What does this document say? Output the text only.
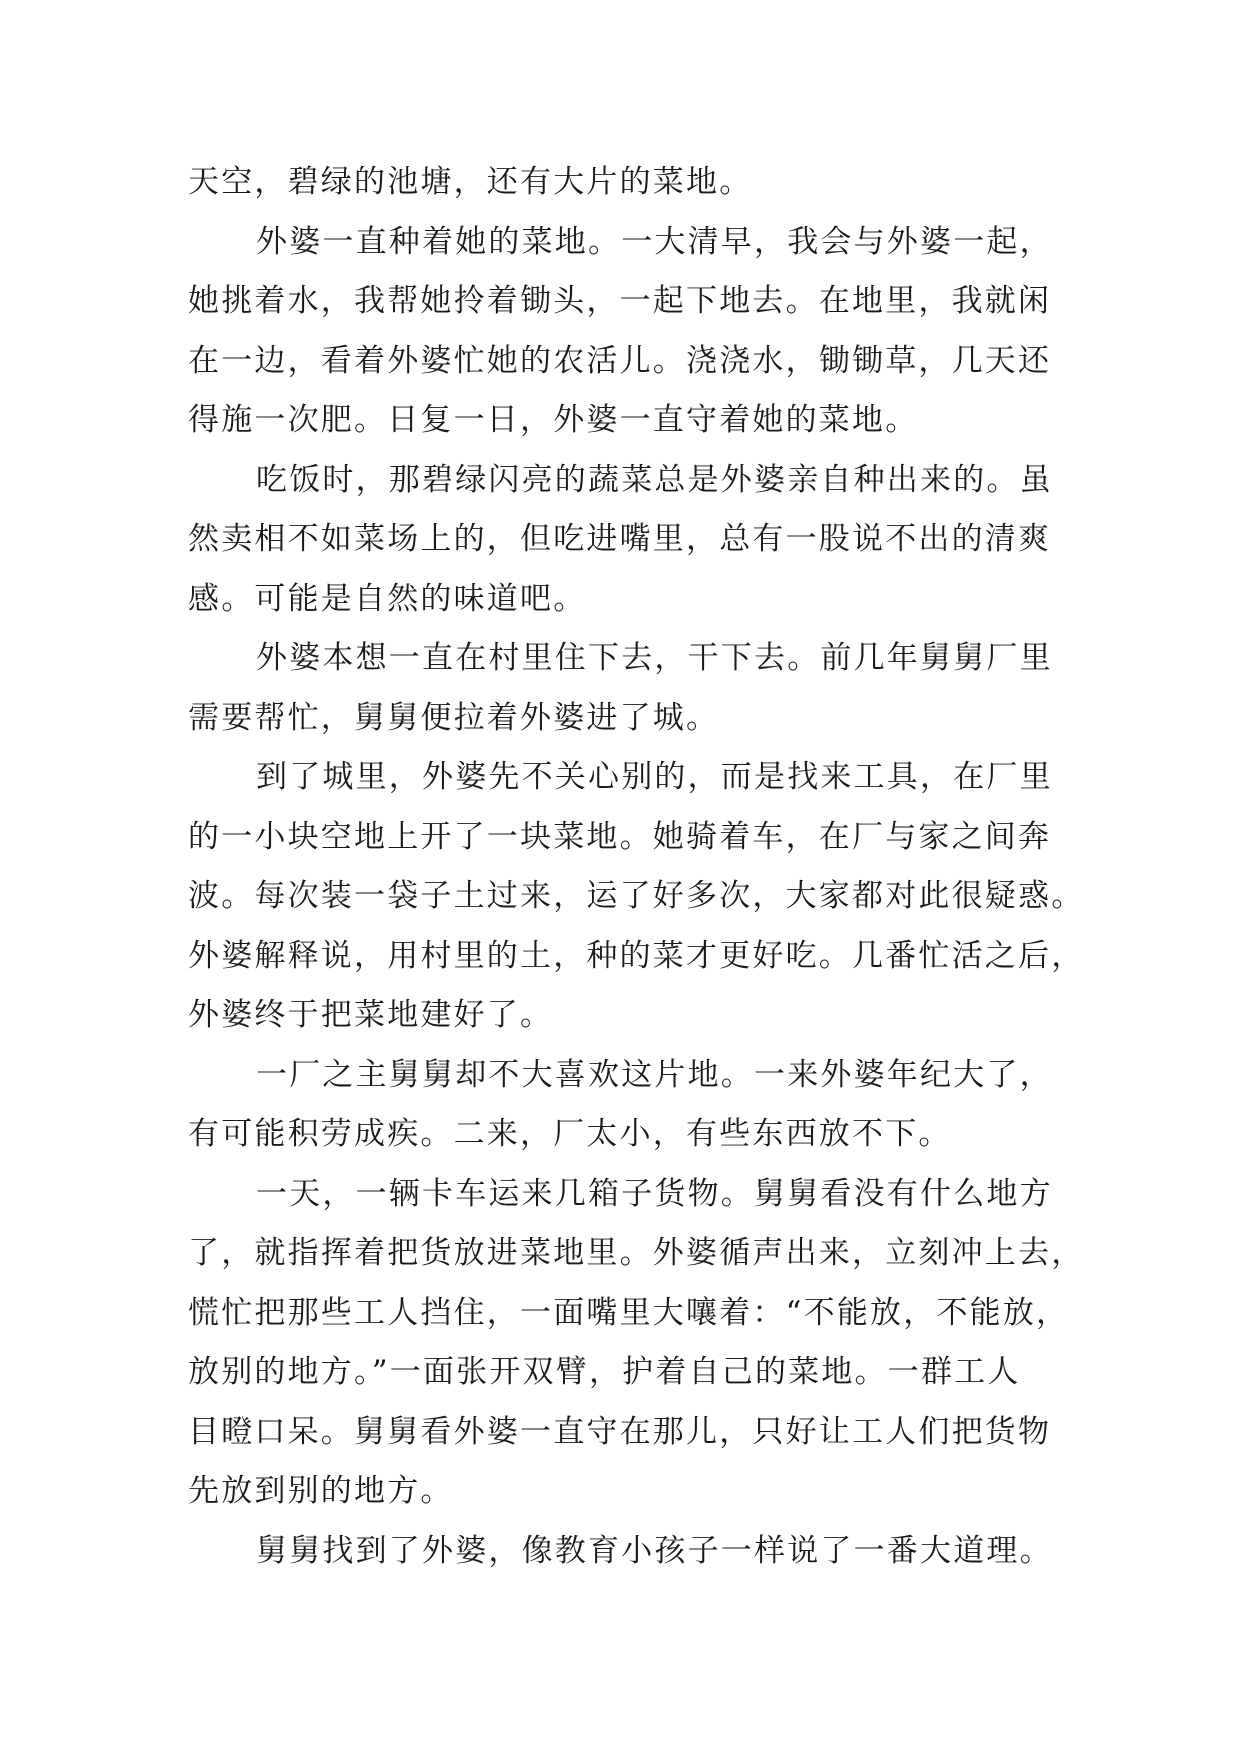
天空，碧绿的池塘，还有大片的菜地。
外婆一直种着她的菜地。一大清早，我会与外婆一起，
她挑着水，我帮她拎着锄头，一起下地去。在地里，我就闲
在一边，看着外婆忙她的农活儿。浇浇水，锄锄草，几天还
得施一次肥。日复一日，外婆一直守着她的菜地。
吃饭时，那碧绿闪亮的蔬菜总是外婆亲自种出来的。虽
然卖相不如菜场上的，但吃进嘴里，总有一股说不出的清爽
感。可能是自然的味道吧。
外婆本想一直在村里住下去，干下去。前几年舅舅厂里
需要帮忙，舅舅便拉着外婆进了城。
到了城里，外婆先不关心别的，而是找来工具，在厂里
的一小块空地上开了一块菜地。她骑着车，在厂与家之间奔
波。每次装一袋子土过来，运了好多次，大家都对此很疑惑。
外婆解释说，用村里的土，种的菜才更好吃。几番忙活之后，
外婆终于把菜地建好了。
一厂之主舅舅却不大喜欢这片地。一来外婆年纪大了，
有可能积劳成疾。二来，厂太小，有些东西放不下。
一天，一辆卡车运来几箱子货物。舅舅看没有什么地方
了，就指挥着把货放进菜地里。外婆循声出来，立刻冲上去，
慌忙把那些工人挡住，一面嘴里大嚷着：“不能放，不能放，
放别的地方。”一面张开双臂，护着自己的菜地。一群工人
目瞪口呆。舅舅看外婆一直守在那儿，只好让工人们把货物
先放到别的地方。
舅舅找到了外婆，像教育小孩子一样说了一番大道理。
